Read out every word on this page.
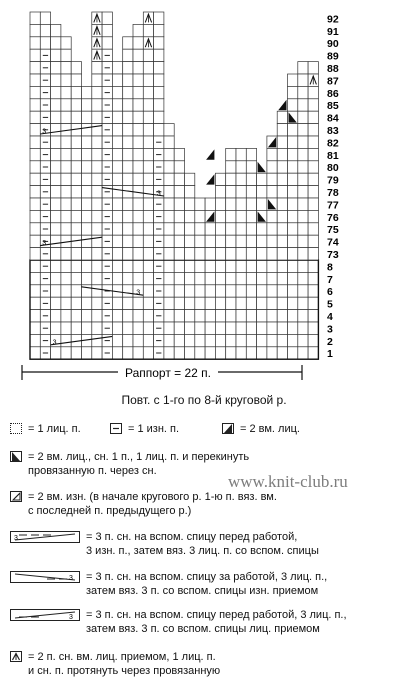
3
3
3
3
3
92
91
90
89
88
87
86
85
84
83
82
81
80
79
78
77
76
75
74
73
8
7
6
5
4
3
2
1
Раппорт = 22 п.
Повт. с 1-го по 8-й круговой р.
= 1 лиц. п.	= 1 изн. п.	= 2 вм. лиц.
= 2 вм. лиц., сн. 1 п., 1 лиц. п. и перекинуть
провязанную п. через сн.
= 2 вм. изн. (в начале кругового р. 1-ю п. вяз. вм.
с последней п. предыдущего р.)
3	= 3 п. сн. на вспом. спицу перед работой,
3 изн. п., затем вяз. 3 лиц. п. со вспом. спицы
3 = 3 п. сн. на вспом. спицу за работой, 3 лиц. п.,
затем вяз. 3 п. со вспом. спицы изн. приемом
3 = 3 п. сн. на вспом. спицу перед работой, 3 лиц. п.,
затем вяз. 3 п. со вспом. спицы лиц. приемом
= 2 п. сн. вм. лиц. приемом, 1 лиц. п.
и сн. п. протянуть через провязанную
www.knit-club.ru
